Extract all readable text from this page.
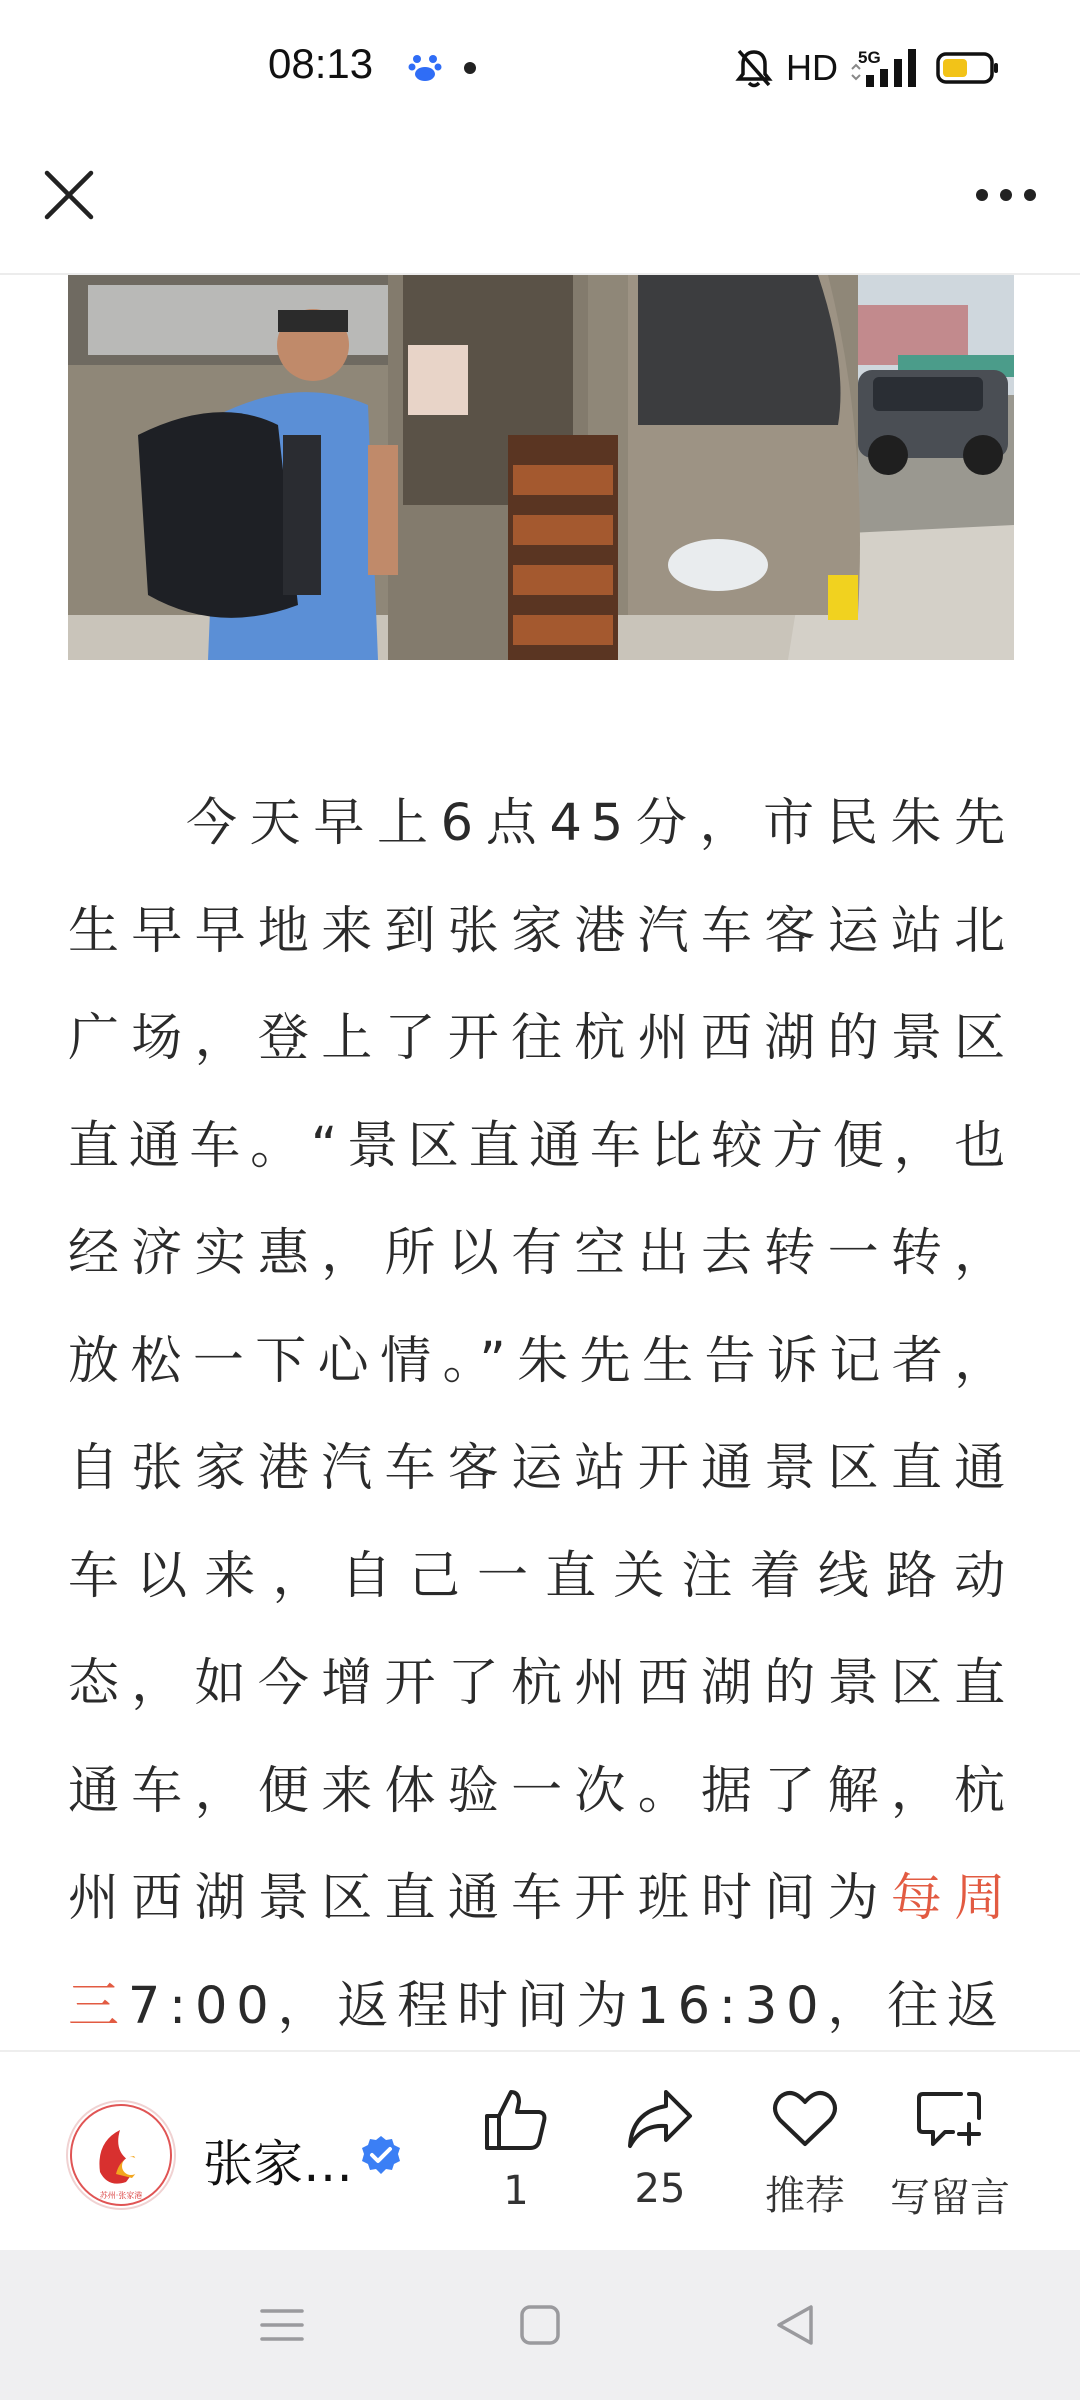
08:13	HD 5G

今天早上6点45分，市民朱先生早早地来到张家港汽车客运站北广场，登上了开往杭州西湖的景区直通车。“景区直通车比较方便，也经济实惠，所以有空出去转一转，放松一下心情。”朱先生告诉记者，自张家港汽车客运站开通景区直通车以来，自己一直关注着线路动态，如今增开了杭州西湖的景区直通车，便来体验一次。据了解，杭州西湖景区直通车开班时间为每周三7:00，返程时间为16:30，往返

苏州·张家港
张家…	1	25	推荐	写留言
